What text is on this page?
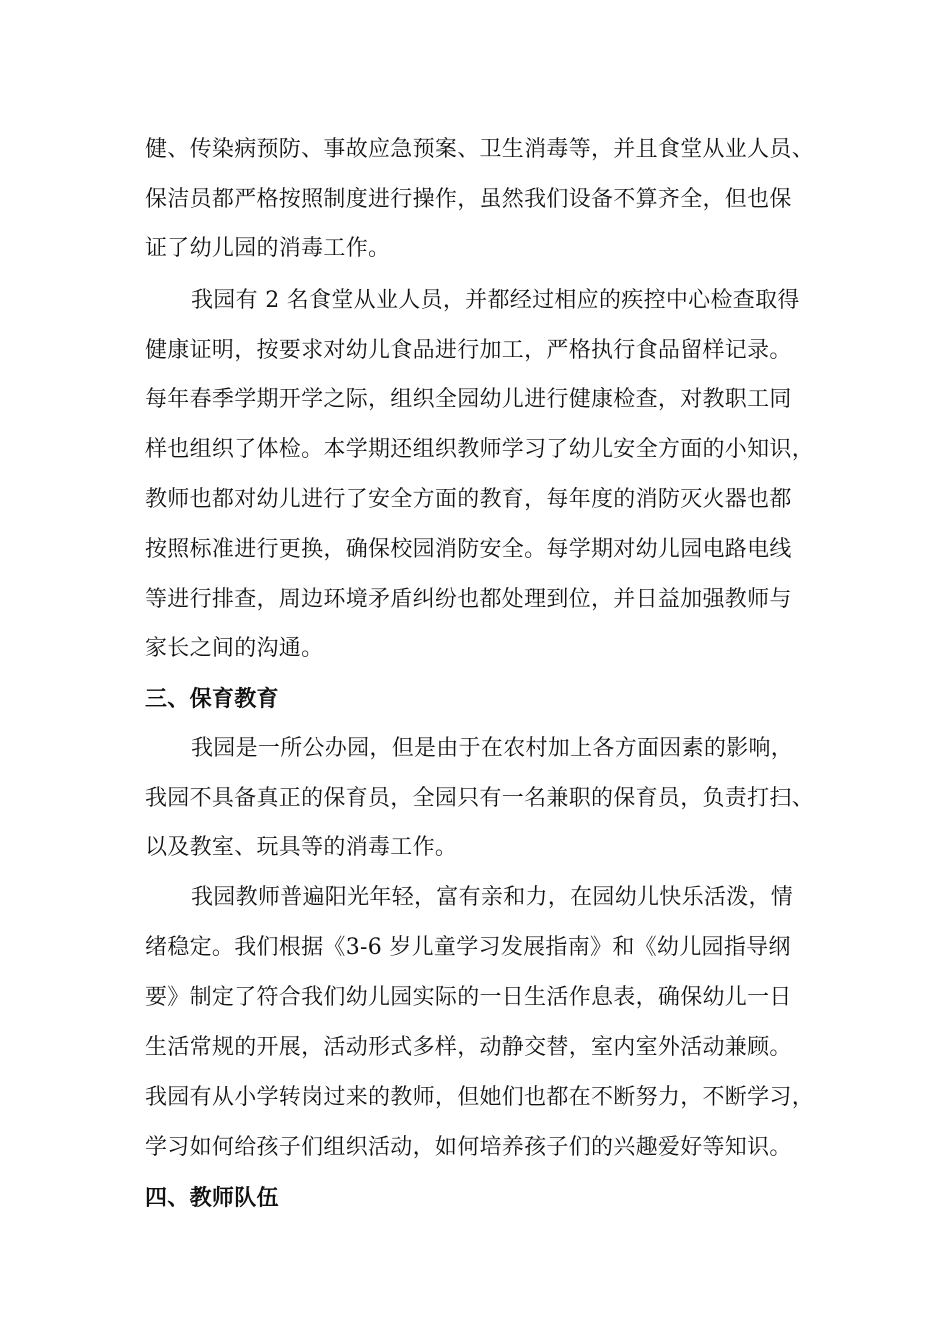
健、传染病预防、事故应急预案、卫生消毒等，并且食堂从业人员、
保洁员都严格按照制度进行操作，虽然我们设备不算齐全，但也保
证了幼儿园的消毒工作。
我园有 2 名食堂从业人员，并都经过相应的疾控中心检查取得
健康证明，按要求对幼儿食品进行加工，严格执行食品留样记录。
每年春季学期开学之际，组织全园幼儿进行健康检查，对教职工同
样也组织了体检。本学期还组织教师学习了幼儿安全方面的小知识，
教师也都对幼儿进行了安全方面的教育，每年度的消防灭火器也都
按照标准进行更换，确保校园消防安全。每学期对幼儿园电路电线
等进行排查，周边环境矛盾纠纷也都处理到位，并日益加强教师与
家长之间的沟通。
三、保育教育
我园是一所公办园，但是由于在农村加上各方面因素的影响，
我园不具备真正的保育员，全园只有一名兼职的保育员，负责打扫、
以及教室、玩具等的消毒工作。
我园教师普遍阳光年轻，富有亲和力，在园幼儿快乐活泼，情
绪稳定。我们根据《3-6 岁儿童学习发展指南》和《幼儿园指导纲
要》制定了符合我们幼儿园实际的一日生活作息表，确保幼儿一日
生活常规的开展，活动形式多样，动静交替，室内室外活动兼顾。
我园有从小学转岗过来的教师，但她们也都在不断努力，不断学习，
学习如何给孩子们组织活动，如何培养孩子们的兴趣爱好等知识。
四、教师队伍
